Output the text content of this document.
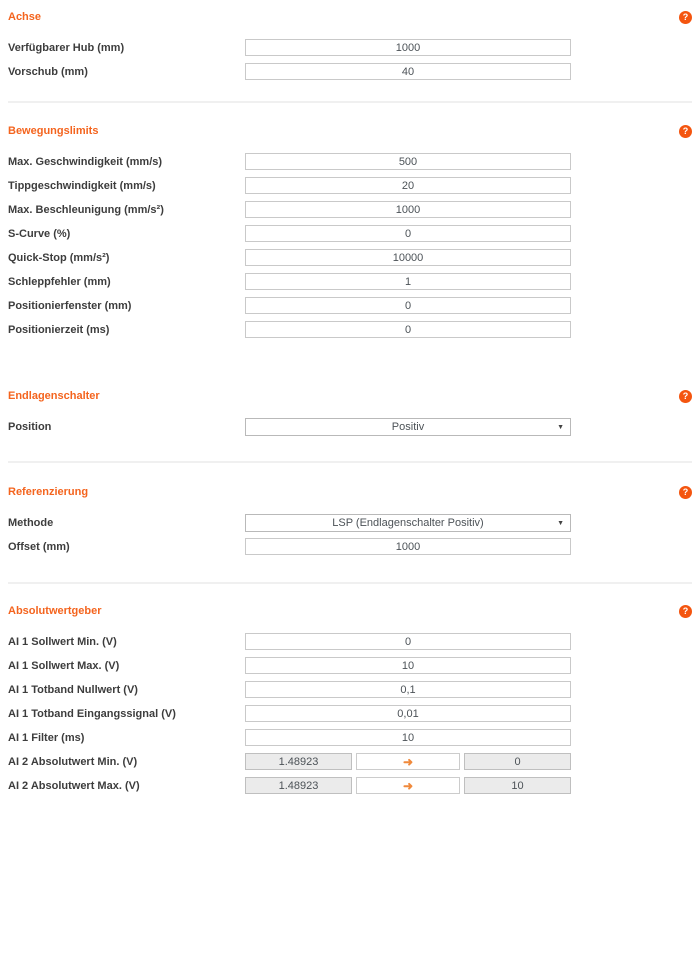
Achse	?
Verfügbarer Hub (mm)
1000
Vorschub (mm)
40
Bewegungslimits	?
Max. Geschwindigkeit (mm/s)
500
Tippgeschwindigkeit (mm/s)
20
Max. Beschleunigung (mm/s²)
1000
S-Curve (%)
0
Quick-Stop (mm/s²)
10000
Schleppfehler (mm)
1
Positionierfenster (mm)
0
Positionierzeit (ms)
0
Endlagenschalter	?
Position	Positiv	▼
Referenzierung	?
Methode	LSP (Endlagenschalter Positiv)	▼
Offset (mm)
1000
Absolutwertgeber	?
AI 1 Sollwert Min. (V)
0
AI 1 Sollwert Max. (V)
10
AI 1 Totband Nullwert (V)
0,1
AI 1 Totband Eingangssignal (V)
0,01
AI 1 Filter (ms)
10
AI 2 Absolutwert Min. (V)	1.48923	➜	0
AI 2 Absolutwert Max. (V)	1.48923	➜	10
